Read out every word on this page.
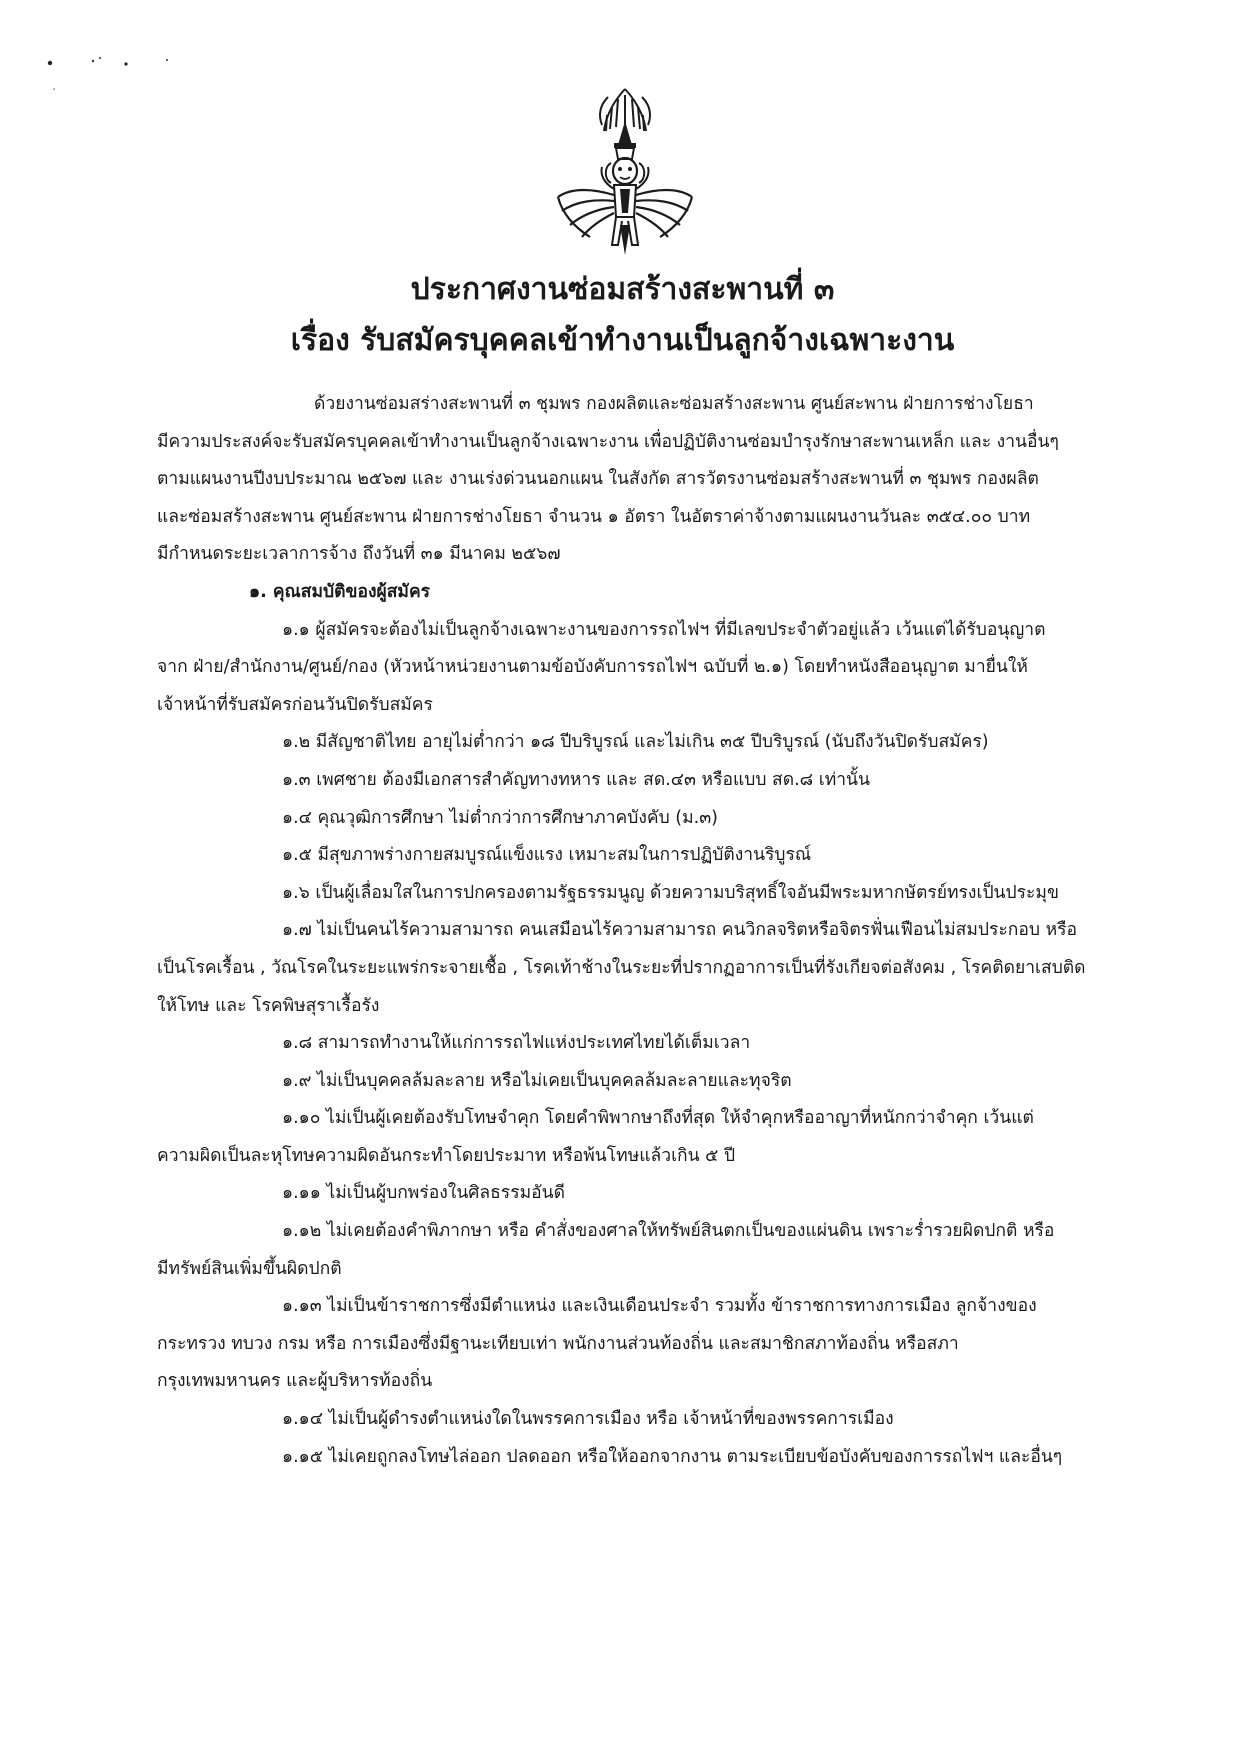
ประกาศงานซ่อมสร้างสะพานที่ ๓
เรื่อง รับสมัครบุคคลเข้าทำงานเป็นลูกจ้างเฉพาะงาน

ด้วยงานซ่อมสร่างสะพานที่ ๓ ชุมพร กองผลิตและซ่อมสร้างสะพาน ศูนย์สะพาน ฝ่ายการช่างโยธา

มีความประสงค์จะรับสมัครบุคคลเข้าทำงานเป็นลูกจ้างเฉพาะงาน เพื่อปฏิบัติงานซ่อมบำรุงรักษาสะพานเหล็ก และ งานอื่นๆ

ตามแผนงานปีงบประมาณ ๒๕๖๗ และ งานเร่งด่วนนอกแผน ในสังกัด สารวัตรงานซ่อมสร้างสะพานที่ ๓ ชุมพร กองผลิต

และซ่อมสร้างสะพาน ศูนย์สะพาน ฝ่ายการช่างโยธา จำนวน ๑ อัตรา ในอัตราค่าจ้างตามแผนงานวันละ ๓๕๔.๐๐ บาท

มีกำหนดระยะเวลาการจ้าง ถึงวันที่ ๓๑ มีนาคม ๒๕๖๗

๑. คุณสมบัติของผู้สมัคร

๑.๑ ผู้สมัครจะต้องไม่เป็นลูกจ้างเฉพาะงานของการรถไฟฯ ที่มีเลขประจำตัวอยู่แล้ว เว้นแต่ได้รับอนุญาต

จาก ฝ่าย/สำนักงาน/ศูนย์/กอง (หัวหน้าหน่วยงานตามข้อบังคับการรถไฟฯ ฉบับที่ ๒.๑) โดยทำหนังสืออนุญาต มายื่นให้

เจ้าหน้าที่รับสมัครก่อนวันปิดรับสมัคร

๑.๒ มีสัญชาติไทย อายุไม่ต่ำกว่า ๑๘ ปีบริบูรณ์ และไม่เกิน ๓๕ ปีบริบูรณ์ (นับถึงวันปิดรับสมัคร)

๑.๓ เพศชาย ต้องมีเอกสารสำคัญทางทหาร และ สด.๔๓ หรือแบบ สด.๘ เท่านั้น

๑.๔ คุณวุฒิการศึกษา ไม่ต่ำกว่าการศึกษาภาคบังคับ (ม.๓)

๑.๕ มีสุขภาพร่างกายสมบูรณ์แข็งแรง เหมาะสมในการปฏิบัติงานริบูรณ์

๑.๖ เป็นผู้เลื่อมใสในการปกครองตามรัฐธรรมนูญ ด้วยความบริสุทธิ์ใจอันมีพระมหากษัตรย์ทรงเป็นประมุข

๑.๗ ไม่เป็นคนไร้ความสามารถ คนเสมือนไร้ความสามารถ คนวิกลจริตหรือจิตรฟั่นเฟือนไม่สมประกอบ หรือ

เป็นโรคเรื้อน , วัณโรคในระยะแพร่กระจายเชื้อ , โรคเท้าช้างในระยะที่ปรากฏอาการเป็นที่รังเกียจต่อสังคม , โรคติดยาเสบติด

ให้โทษ และ โรคพิษสุราเรื้อรัง

๑.๘ สามารถทำงานให้แก่การรถไฟแห่งประเทศไทยได้เต็มเวลา

๑.๙ ไม่เป็นบุคคลล้มละลาย หรือไม่เคยเป็นบุคคลล้มละลายและทุจริต

๑.๑๐ ไม่เป็นผู้เคยต้องรับโทษจำคุก โดยคำพิพากษาถึงที่สุด ให้จำคุกหรืออาญาที่หนักกว่าจำคุก เว้นแต่

ความผิดเป็นละหุโทษความผิดอันกระทำโดยประมาท หรือพ้นโทษแล้วเกิน ๕ ปี

๑.๑๑ ไม่เป็นผู้บกพร่องในศิลธรรมอันดี

๑.๑๒ ไม่เคยต้องคำพิภากษา หรือ คำสั่งของศาลให้ทรัพย์สินตกเป็นของแผ่นดิน เพราะร่ำรวยผิดปกติ หรือ

มีทรัพย์สินเพิ่มขึ้นผิดปกติ

๑.๑๓ ไม่เป็นข้าราชการซึ่งมีตำแหน่ง และเงินเดือนประจำ รวมทั้ง ข้าราชการทางการเมือง ลูกจ้างของ

กระทรวง ทบวง กรม หรือ การเมืองซึ่งมีฐานะเทียบเท่า พนักงานส่วนท้องถิ่น และสมาชิกสภาท้องถิ่น หรือสภา

กรุงเทพมหานคร และผู้บริหารท้องถิ่น

๑.๑๔ ไม่เป็นผู้ดำรงตำแหน่งใดในพรรคการเมือง หรือ เจ้าหน้าที่ของพรรคการเมือง

๑.๑๕ ไม่เคยถูกลงโทษไล่ออก ปลดออก หรือให้ออกจากงาน ตามระเบียบข้อบังคับของการรถไฟฯ และอื่นๆ
